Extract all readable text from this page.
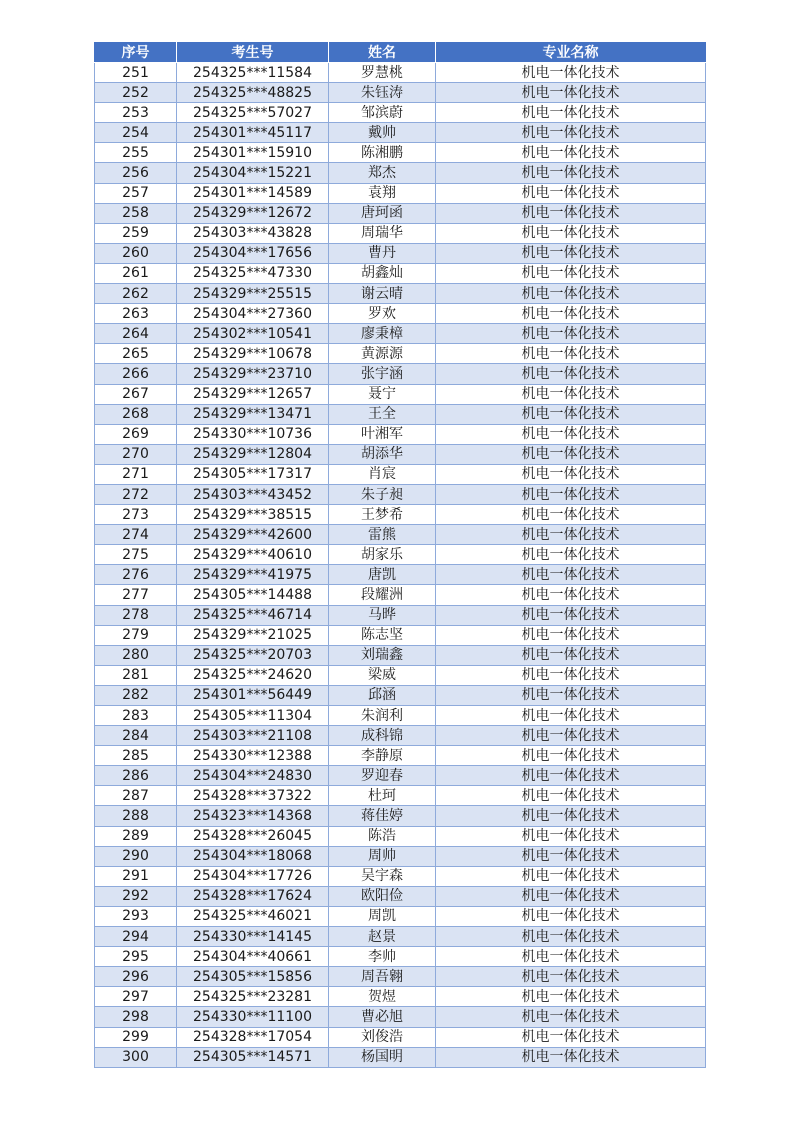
序号	考生号	姓名	专业名称
251	254325***11584	罗慧桃	机电一体化技术
252	254325***48825	朱钰涛	机电一体化技术
253	254325***57027	邹滨蔚	机电一体化技术
254	254301***45117	戴帅	机电一体化技术
255	254301***15910	陈湘鹏	机电一体化技术
256	254304***15221	郑杰	机电一体化技术
257	254301***14589	袁翔	机电一体化技术
258	254329***12672	唐珂函	机电一体化技术
259	254303***43828	周瑞华	机电一体化技术
260	254304***17656	曹丹	机电一体化技术
261	254325***47330	胡鑫灿	机电一体化技术
262	254329***25515	谢云晴	机电一体化技术
263	254304***27360	罗欢	机电一体化技术
264	254302***10541	廖秉樟	机电一体化技术
265	254329***10678	黄源源	机电一体化技术
266	254329***23710	张宇涵	机电一体化技术
267	254329***12657	聂宁	机电一体化技术
268	254329***13471	王全	机电一体化技术
269	254330***10736	叶湘军	机电一体化技术
270	254329***12804	胡添华	机电一体化技术
271	254305***17317	肖宸	机电一体化技术
272	254303***43452	朱子昶	机电一体化技术
273	254329***38515	王梦希	机电一体化技术
274	254329***42600	雷熊	机电一体化技术
275	254329***40610	胡家乐	机电一体化技术
276	254329***41975	唐凯	机电一体化技术
277	254305***14488	段耀洲	机电一体化技术
278	254325***46714	马晔	机电一体化技术
279	254329***21025	陈志坚	机电一体化技术
280	254325***20703	刘瑞鑫	机电一体化技术
281	254325***24620	梁威	机电一体化技术
282	254301***56449	邱涵	机电一体化技术
283	254305***11304	朱润利	机电一体化技术
284	254303***21108	成科锦	机电一体化技术
285	254330***12388	李静原	机电一体化技术
286	254304***24830	罗迎春	机电一体化技术
287	254328***37322	杜珂	机电一体化技术
288	254323***14368	蒋佳婷	机电一体化技术
289	254328***26045	陈浩	机电一体化技术
290	254304***18068	周帅	机电一体化技术
291	254304***17726	吴宇森	机电一体化技术
292	254328***17624	欧阳俭	机电一体化技术
293	254325***46021	周凯	机电一体化技术
294	254330***14145	赵景	机电一体化技术
295	254304***40661	李帅	机电一体化技术
296	254305***15856	周吾翱	机电一体化技术
297	254325***23281	贺煜	机电一体化技术
298	254330***11100	曹必旭	机电一体化技术
299	254328***17054	刘俊浩	机电一体化技术
300	254305***14571	杨国明	机电一体化技术
